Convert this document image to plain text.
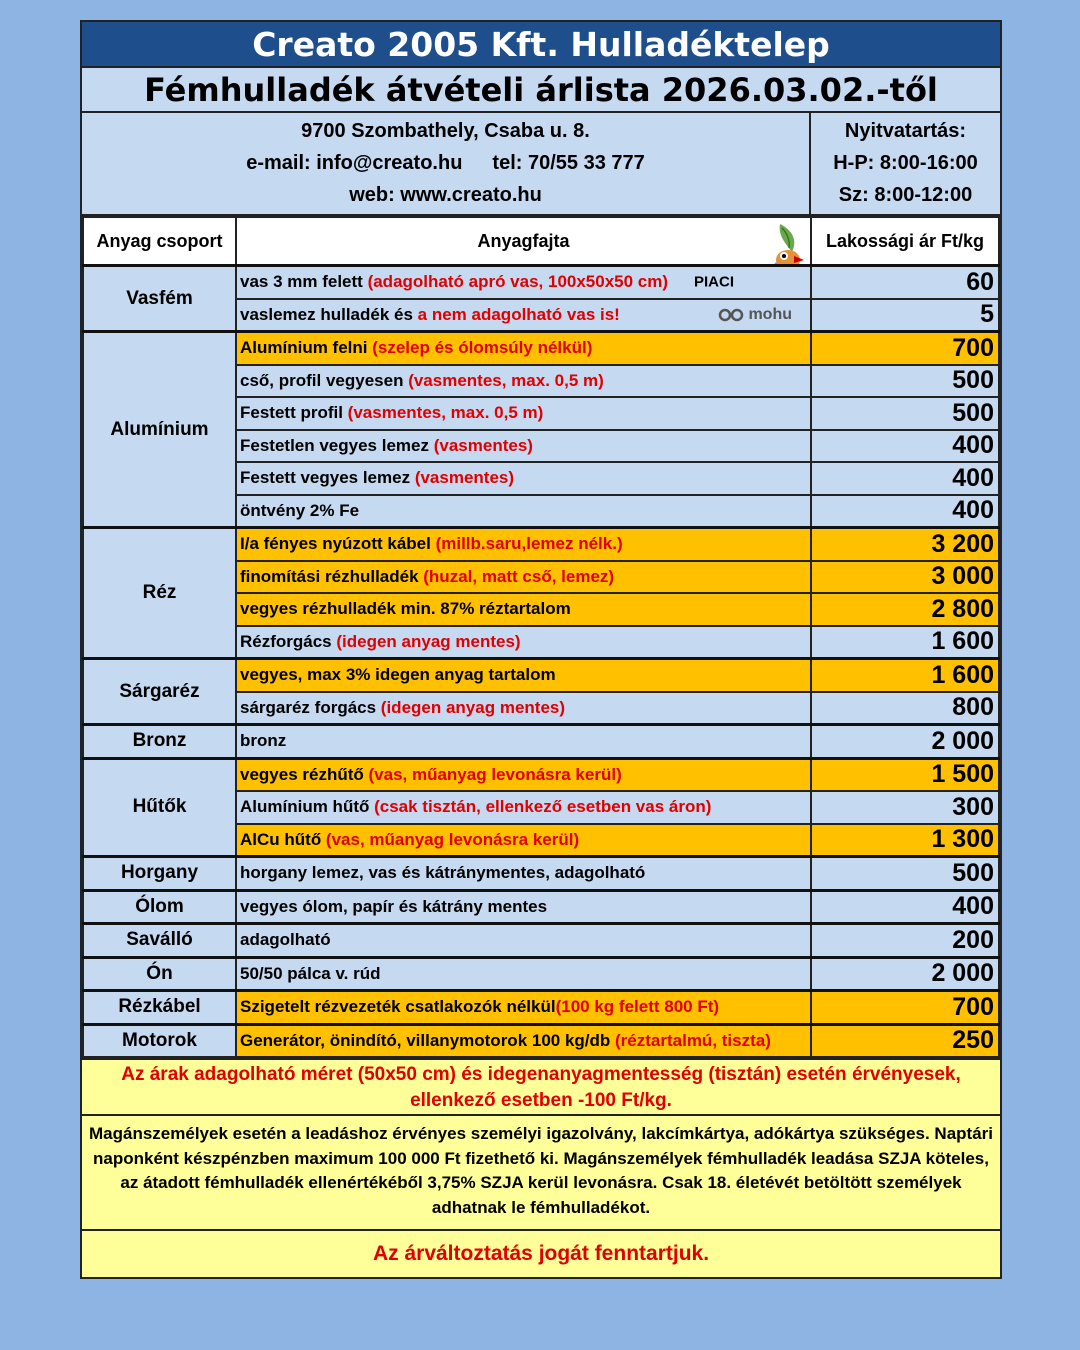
Creato 2005 Kft. Hulladéktelep
Fémhulladék átvételi árlista 2026.03.02.-től
9700 Szombathely, Csaba u. 8.
e-mail: info@creato.hu tel: 70/55 33 777
web: www.creato.hu
Nyitvatartás:
H-P: 8:00-16:00
Sz: 8:00-12:00
Anyag csoport	Anyagfajta	Lakossági ár Ft/kg
Vasfém	vas 3 mm felett (adagolható apró vas, 100x50x50 cm) PIACI	60
	vaslemez hulladék és a nem adagolható vas is! mohu	5
Alumínium	Alumínium felni (szelep és ólomsúly nélkül)	700
	cső, profil vegyesen (vasmentes, max. 0,5 m)	500
	Festett profil (vasmentes, max. 0,5 m)	500
	Festetlen vegyes lemez (vasmentes)	400
	Festett vegyes lemez (vasmentes)	400
	öntvény 2% Fe	400
Réz	I/a fényes nyúzott kábel (millb.saru,lemez nélk.)	3 200
	finomítási rézhulladék (huzal, matt cső, lemez)	3 000
	vegyes rézhulladék min. 87% réztartalom	2 800
	Rézforgács (idegen anyag mentes)	1 600
Sárgaréz	vegyes, max 3% idegen anyag tartalom	1 600
	sárgaréz forgács (idegen anyag mentes)	800
Bronz	bronz	2 000
Hűtők	vegyes rézhűtő (vas, műanyag levonásra kerül)	1 500
	Alumínium hűtő (csak tisztán, ellenkező esetben vas áron)	300
	AlCu hűtő (vas, műanyag levonásra kerül)	1 300
Horgany	horgany lemez, vas és kátránymentes, adagolható	500
Ólom	vegyes ólom, papír és kátrány mentes	400
Saválló	adagolható	200
Ón	50/50 pálca v. rúd	2 000
Rézkábel	Szigetelt rézvezeték csatlakozók nélkül(100 kg felett 800 Ft)	700
Motorok	Generátor, önindító, villanymotorok 100 kg/db (réztartalmú, tiszta)	250
Az árak adagolható méret (50x50 cm) és idegenanyagmentesség (tisztán) esetén érvényesek, ellenkező esetben -100 Ft/kg.
Magánszemélyek esetén a leadáshoz érvényes személyi igazolvány, lakcímkártya, adókártya szükséges. Naptári naponként készpénzben maximum 100 000 Ft fizethető ki. Magánszemélyek fémhulladék leadása SZJA köteles, az átadott fémhulladék ellenértékéből 3,75% SZJA kerül levonásra. Csak 18. életévét betöltött személyek adhatnak le fémhulladékot.
Az árváltoztatás jogát fenntartjuk.
